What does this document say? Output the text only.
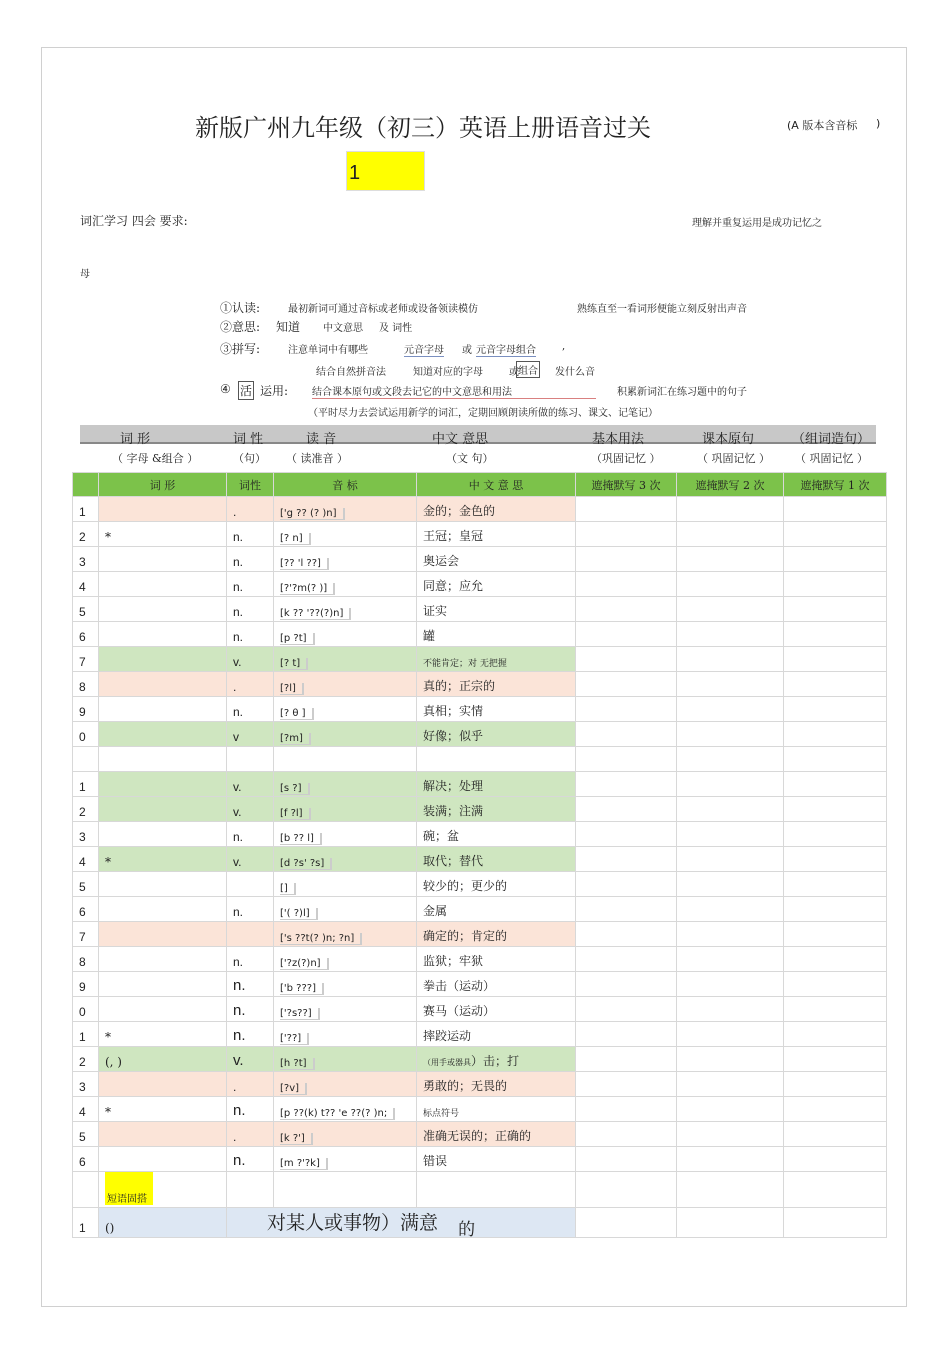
新版广州九年级（初三）英语上册语音过关	(A 版本含音标 )
1
词汇学习 四会 要求:	理解并重复运用是成功记忆之
母
①认读:	最初新词可通过音标或老师或设备领读模仿	熟练直至一看词形便能立刻反射出声音
②意思: 知道 中文意思 及 词性
③拼写:	注意单词中有哪些	元音字母 或 元音字母组合	,
结合自然拼音法	知道对应的字母	或 组合 发什么音
④ 活 运用: 结合课本原句或文段去记它的中文意思和用法	积累新词汇在练习题中的句子
（平时尽力去尝试运用新学的词汇，定期回顾朗读所做的练习、课文、记笔记）
词 形	词 性	读 音	中文 意思	基本用法	课本原句	（组词造句）
（ 字母 &组合 ）	（句） （ 读准音 ）	（文 句）	（巩固记忆 ）	（ 巩固记忆 ） （ 巩固记忆 ）
	词 形	词性	音 标	中 文 意 思	遮掩默写 3 次	遮掩默写 2 次	遮掩默写 1 次
1		.	['g ?? (? )n]	金的；金色的			
2	*	n.	[? n]	王冠；皇冠			
3		n.	[?? 'l ??]	奥运会			
4		n.	[?'?m(? )]	同意；应允			
5		n.	[k ?? '??(?)n]	证实			
6		n.	[p ?t]	罐			
7		v.	[? t]	不能肯定；对 无把握			
8		.	[?l]	真的；正宗的			
9		n.	[? θ ]	真相；实情			
0		v	[?m]	好像；似乎			

1		v.	[s ?]	解决；处理			
2		v.	[f ?l]	装满；注满			
3		n.	[b ?? l]	碗；盆			
4	*	v.	[d ?s' ?s]	取代；替代			
5			[]	较少的；更少的			
6		n.	['( ?)l]	金属			
7			['s ??t(? )n; ?n]	确定的；肯定的			
8		n.	['?z(?)n]	监狱；牢狱			
9		n.	['b ???]	拳击（运动）			
0		n.	['?s??]	赛马（运动）			
1	*	n.	['??]	摔跤运动			
2	(, )	v.	[h ?t]	（用手或器具）击；打			
3		.	[?v]	勇敢的；无畏的			
4	*	n.	[p ??(k) t?? 'e ??(? )n;	标点符号			
5		.	[k ?']	准确无误的；正确的			
6		n.	[m ?'?k]	错误			
	短语固搭						
1	()	对某人或事物）满意 的					
